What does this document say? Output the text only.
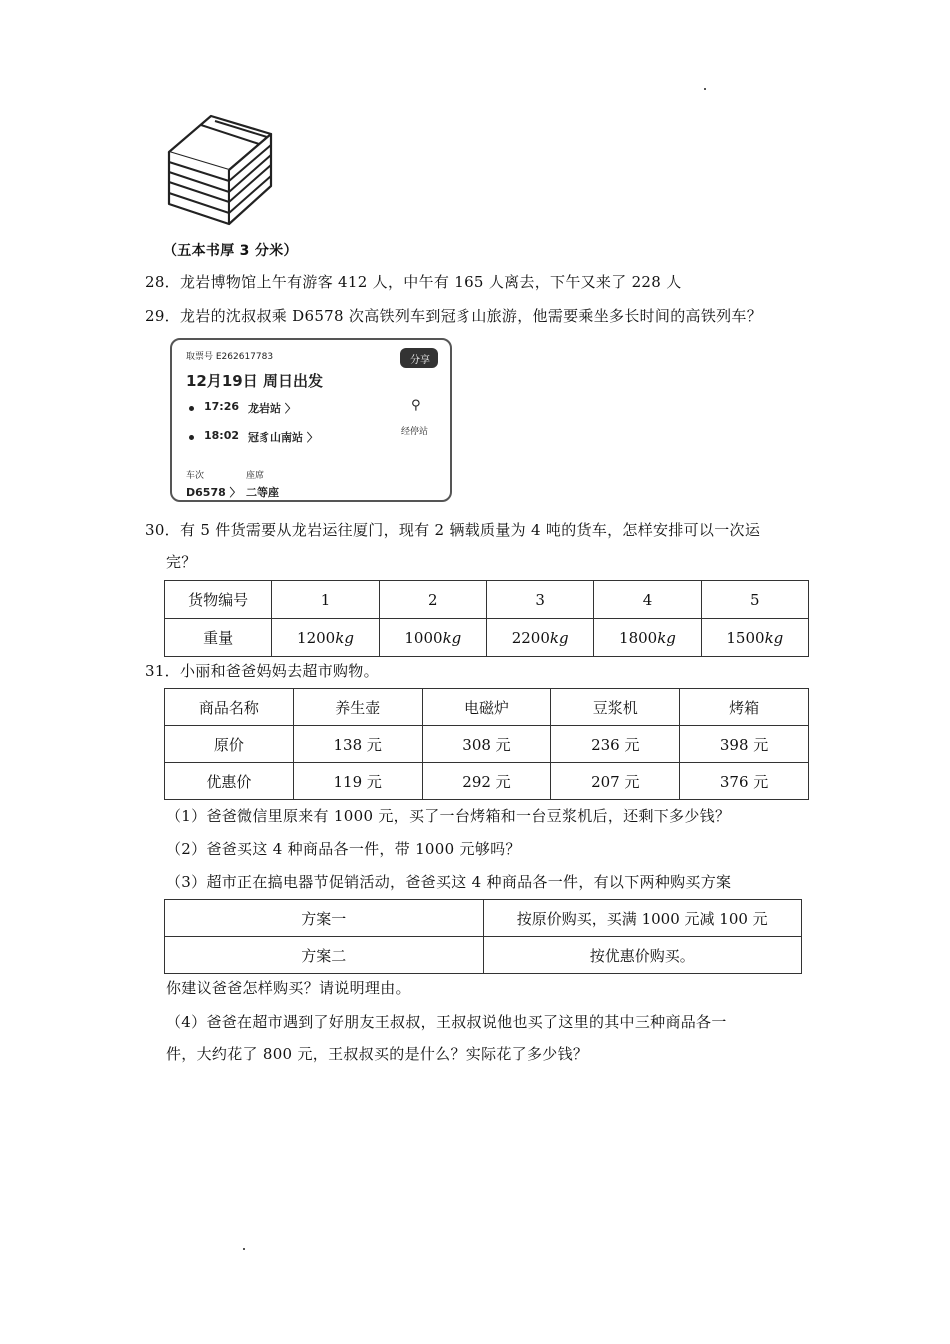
（五本书厚 3 分米）
28．龙岩博物馆上午有游客 412 人，中午有 165 人离去，下午又来了 228 人
29．龙岩的沈叔叔乘 D6578 次高铁列车到冠豸山旅游，他需要乘坐多长时间的高铁列车？
取票号 E262617783	分享
12月19日 周日出发
17:26 龙岩站 〉	⚲
18:02 冠豸山南站 〉	经停站
车次	座席
D6578 〉 二等座
30．有 5 件货需要从龙岩运往厦门，现有 2 辆载质量为 4 吨的货车，怎样安排可以一次运
完？
货物编号	1	2	3	4	5
重量	1200kg	1000kg	2200kg	1800kg	1500kg
31．小丽和爸爸妈妈去超市购物。
商品名称	养生壶	电磁炉	豆浆机	烤箱
原价	138 元	308 元	236 元	398 元
优惠价	119 元	292 元	207 元	376 元
（1）爸爸微信里原来有 1000 元，买了一台烤箱和一台豆浆机后，还剩下多少钱？
（2）爸爸买这 4 种商品各一件，带 1000 元够吗？
（3）超市正在搞电器节促销活动，爸爸买这 4 种商品各一件，有以下两种购买方案
方案一	按原价购买，买满 1000 元减 100 元
方案二	按优惠价购买。
你建议爸爸怎样购买？请说明理由。
（4）爸爸在超市遇到了好朋友王叔叔，王叔叔说他也买了这里的其中三种商品各一
件，大约花了 800 元，王叔叔买的是什么？实际花了多少钱？
